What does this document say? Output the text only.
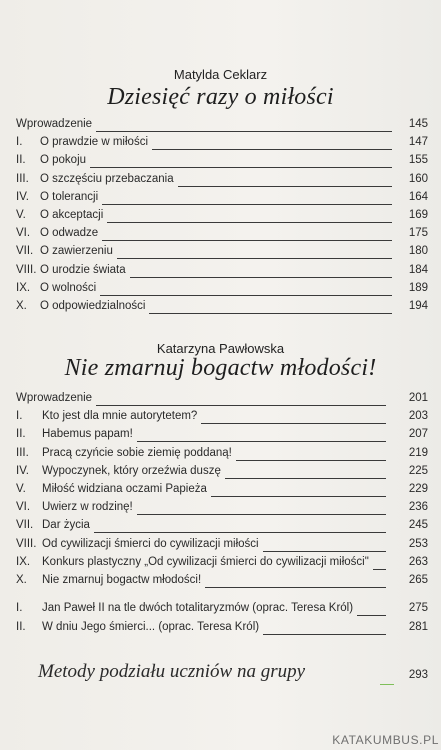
Matylda Ceklarz
Dziesięć razy o miłości
Wprowadzenie	145
I. O prawdzie w miłości	147
II. O pokoju	155
III. O szczęściu przebaczania	160
IV. O tolerancji	164
V. O akceptacji	169
VI. O odwadze	175
VII. O zawierzeniu	180
VIII. O urodzie świata	184
IX. O wolności	189
X. O odpowiedzialności	194
Katarzyna Pawłowska
Nie zmarnuj bogactw młodości!
Wprowadzenie	201
I. Kto jest dla mnie autorytetem?	203
II. Habemus papam!	207
III. Pracą czyńcie sobie ziemię poddaną!	219
IV. Wypoczynek, który orzeźwia duszę	225
V. Miłość widziana oczami Papieża	229
VI. Uwierz w rodzinę!	236
VII. Dar życia	245
VIII. Od cywilizacji śmierci do cywilizacji miłości	253
IX. Konkurs plastyczny „Od cywilizacji śmierci do cywilizacji miłości"	263
X. Nie zmarnuj bogactw młodości!	265
I. Jan Paweł II na tle dwóch totalitaryzmów (oprac. Teresa Król)	275
II. W dniu Jego śmierci... (oprac. Teresa Król)	281
Metody podziału uczniów na grupy	293
KATAKUMBUS.PL
